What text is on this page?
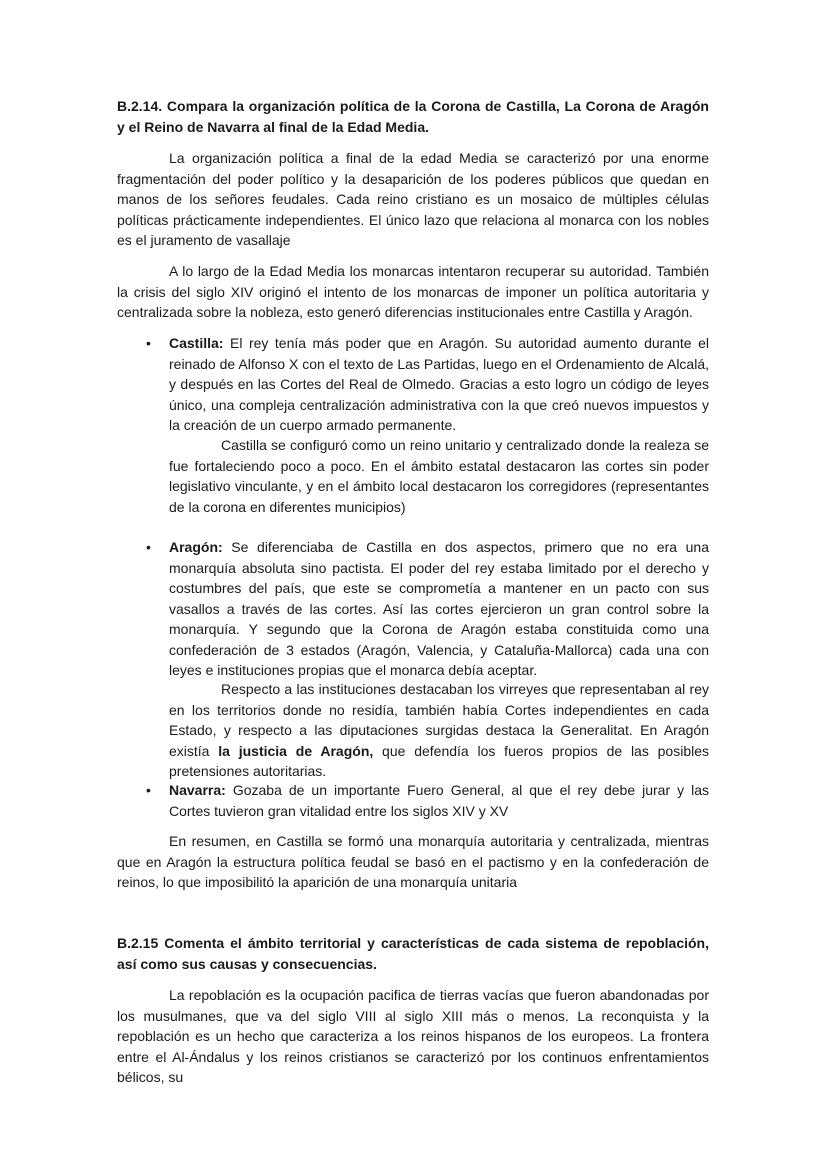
B.2.14. Compara la organización política de la Corona de Castilla, La Corona de Aragón y el Reino de Navarra al final de la Edad Media.

La organización política a final de la edad Media se caracterizó por una enorme fragmentación del poder político y la desaparición de los poderes públicos que quedan en manos de los señores feudales. Cada reino cristiano es un mosaico de múltiples células políticas prácticamente independientes. El único lazo que relaciona al monarca con los nobles es el juramento de vasallaje

A lo largo de la Edad Media los monarcas intentaron recuperar su autoridad. También la crisis del siglo XIV originó el intento de los monarcas de imponer un política autoritaria y centralizada sobre la nobleza, esto generó diferencias institucionales entre Castilla y Aragón.

• Castilla: El rey tenía más poder que en Aragón. Su autoridad aumento durante el reinado de Alfonso X con el texto de Las Partidas, luego en el Ordenamiento de Alcalá, y después en las Cortes del Real de Olmedo. Gracias a esto logro un código de leyes único, una compleja centralización administrativa con la que creó nuevos impuestos y la creación de un cuerpo armado permanente.

Castilla se configuró como un reino unitario y centralizado donde la realeza se fue fortaleciendo poco a poco. En el ámbito estatal destacaron las cortes sin poder legislativo vinculante, y en el ámbito local destacaron los corregidores (representantes de la corona en diferentes municipios)

• Aragón: Se diferenciaba de Castilla en dos aspectos, primero que no era una monarquía absoluta sino pactista. El poder del rey estaba limitado por el derecho y costumbres del país, que este se comprometía a mantener en un pacto con sus vasallos a través de las cortes. Así las cortes ejercieron un gran control sobre la monarquía. Y segundo que la Corona de Aragón estaba constituida como una confederación de 3 estados (Aragón, Valencia, y Cataluña-Mallorca) cada una con leyes e instituciones propias que el monarca debía aceptar.

Respecto a las instituciones destacaban los virreyes que representaban al rey en los territorios donde no residía, también había Cortes independientes en cada Estado, y respecto a las diputaciones surgidas destaca la Generalitat. En Aragón existía la justicia de Aragón, que defendía los fueros propios de las posibles pretensiones autoritarias.

• Navarra: Gozaba de un importante Fuero General, al que el rey debe jurar y las Cortes tuvieron gran vitalidad entre los siglos XIV y XV

En resumen, en Castilla se formó una monarquía autoritaria y centralizada, mientras que en Aragón la estructura política feudal se basó en el pactismo y en la confederación de reinos, lo que imposibilitó la aparición de una monarquía unitaria

B.2.15 Comenta el ámbito territorial y características de cada sistema de repoblación, así como sus causas y consecuencias.

La repoblación es la ocupación pacifica de tierras vacías que fueron abandonadas por los musulmanes, que va del siglo VIII al siglo XIII más o menos. La reconquista y la repoblación es un hecho que caracteriza a los reinos hispanos de los europeos. La frontera entre el Al-Ándalus y los reinos cristianos se caracterizó por los continuos enfrentamientos bélicos, su
